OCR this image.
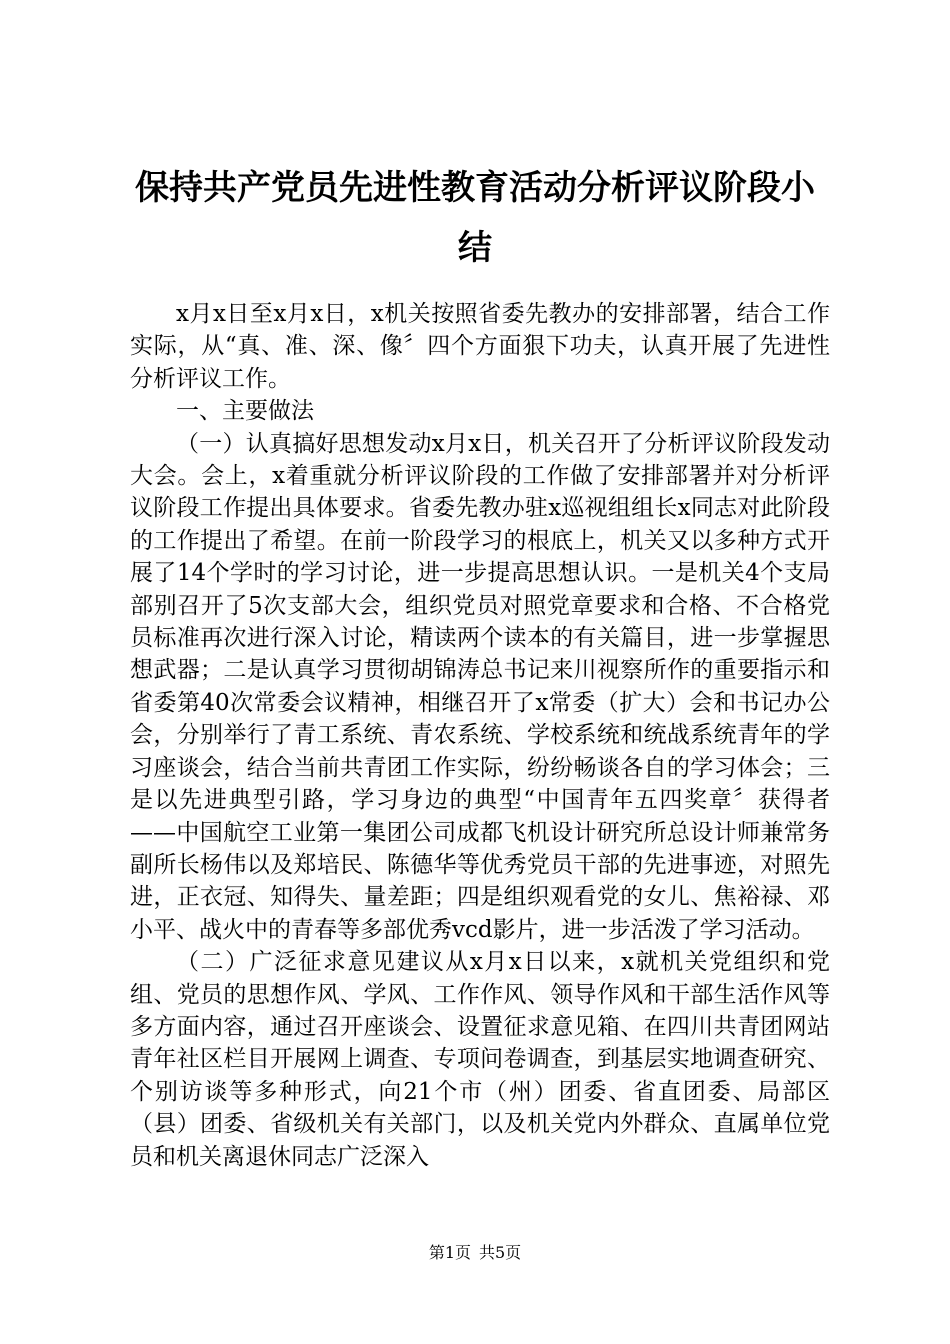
保持共产党员先进性教育活动分析评议阶段小结

x月x日至x月x日，x机关按照省委先教办的安排部署，结合工作实际，从“真、准、深、像〞四个方面狠下功夫，认真开展了先进性分析评议工作。

一、主要做法

（一）认真搞好思想发动x月x日，机关召开了分析评议阶段发动大会。会上，x着重就分析评议阶段的工作做了安排部署并对分析评议阶段工作提出具体要求。省委先教办驻x巡视组组长x同志对此阶段的工作提出了希望。在前一阶段学习的根底上，机关又以多种方式开展了14个学时的学习讨论，进一步提高思想认识。一是机关4个支局部别召开了5次支部大会，组织党员对照党章要求和合格、不合格党员标准再次进行深入讨论，精读两个读本的有关篇目，进一步掌握思想武器；二是认真学习贯彻胡锦涛总书记来川视察所作的重要指示和省委第40次常委会议精神，相继召开了x常委（扩大）会和书记办公会，分别举行了青工系统、青农系统、学校系统和统战系统青年的学习座谈会，结合当前共青团工作实际，纷纷畅谈各自的学习体会；三是以先进典型引路，学习身边的典型“中国青年五四奖章〞获得者——中国航空工业第一集团公司成都飞机设计研究所总设计师兼常务副所长杨伟以及郑培民、陈德华等优秀党员干部的先进事迹，对照先进，正衣冠、知得失、量差距；四是组织观看党的女儿、焦裕禄、邓小平、战火中的青春等多部优秀vcd影片，进一步活泼了学习活动。

（二）广泛征求意见建议从x月x日以来，x就机关党组织和党组、党员的思想作风、学风、工作作风、领导作风和干部生活作风等多方面内容，通过召开座谈会、设置征求意见箱、在四川共青团网站青年社区栏目开展网上调查、专项问卷调查，到基层实地调查研究、个别访谈等多种形式，向21个市（州）团委、省直团委、局部区（县）团委、省级机关有关部门，以及机关党内外群众、直属单位党员和机关离退休同志广泛深入

第1页 共5页
